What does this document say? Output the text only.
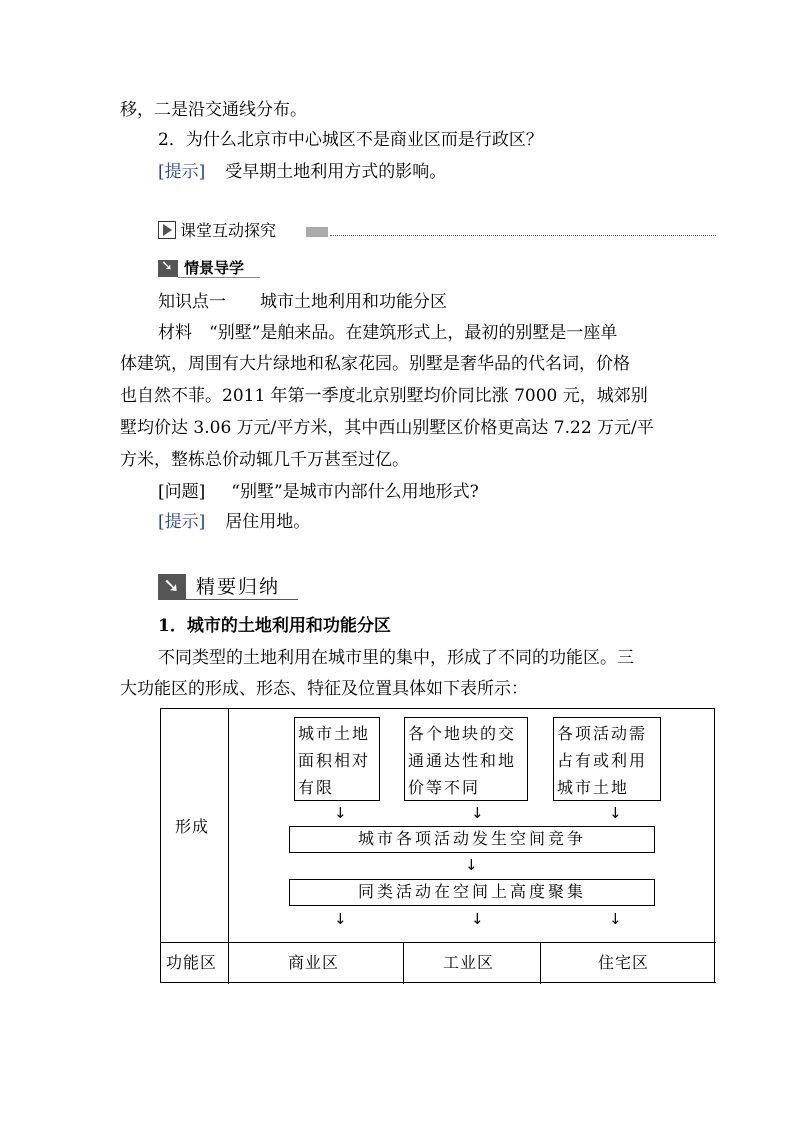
移，二是沿交通线分布。
2．为什么北京市中心城区不是商业区而是行政区？
[提示] 受早期土地利用方式的影响。
课堂互动探究
➘
情景导学
知识点一　　城市土地利用和功能分区
材料　“别墅”是舶来品。在建筑形式上，最初的别墅是一座单
体建筑，周围有大片绿地和私家花园。别墅是奢华品的代名词，价格
也自然不菲。2011 年第一季度北京别墅均价同比涨 7000 元，城郊别
墅均价达 3.06 万元/平方米，其中西山别墅区价格更高达 7.22 万元/平
方米，整栋总价动辄几千万甚至过亿。
[问题] “别墅”是城市内部什么用地形式?
[提示] 居住用地。
➘
精要归纳
1．城市的土地利用和功能分区
不同类型的土地利用在城市里的集中，形成了不同的功能区。三
大功能区的形成、形态、特征及位置具体如下表所示：
形成
城市土地
面积相对
有限
各个地块的交
通通达性和地
价等不同
各项活动需
占有或利用
城市土地
↓	↓	↓
城市各项活动发生空间竞争
↓
同类活动在空间上高度聚集
↓	↓	↓
功能区	商业区	工业区	住宅区
